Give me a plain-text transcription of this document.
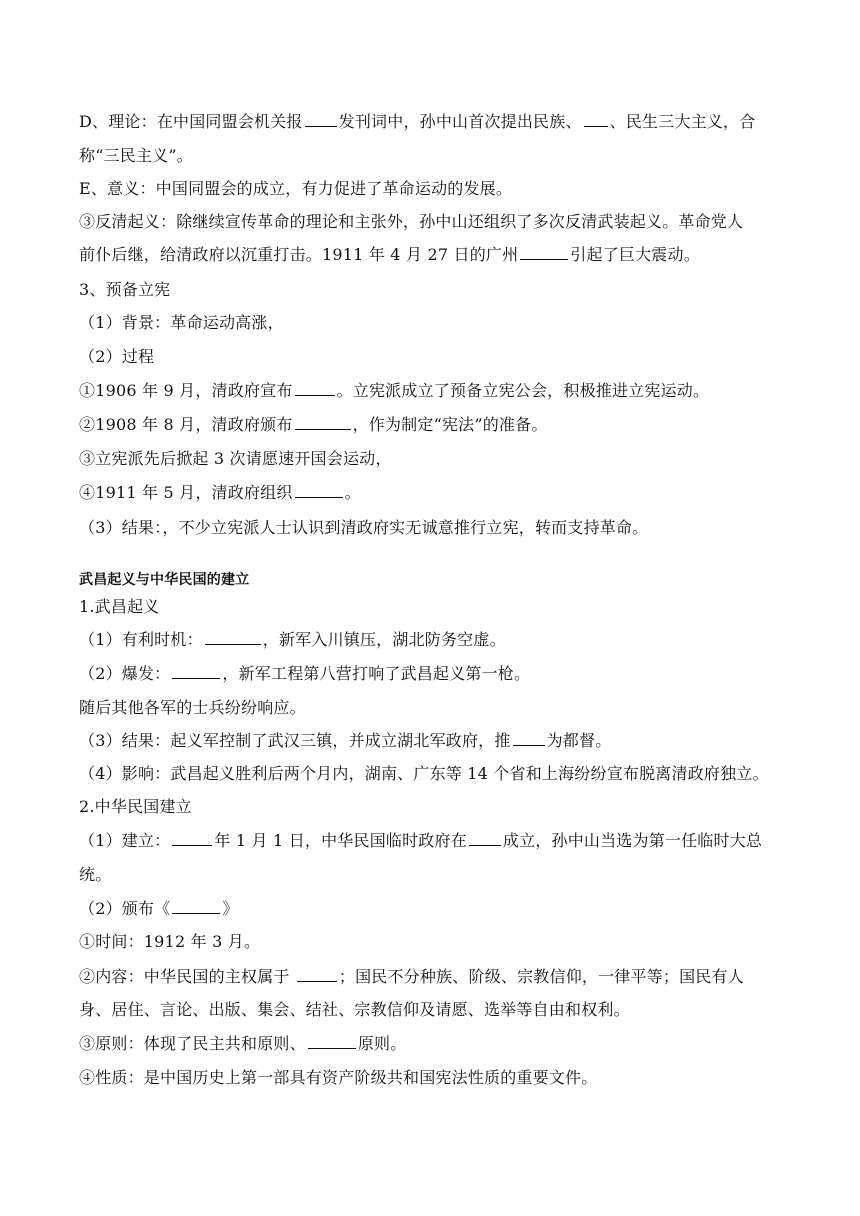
D、理论：在中国同盟会机关报 发刊词中，孙中山首次提出民族、 、民生三大主义，合
称“三民主义”。
E、意义：中国同盟会的成立，有力促进了革命运动的发展。
③反清起义：除继续宣传革命的理论和主张外，孙中山还组织了多次反清武装起义。革命党人
前仆后继，给清政府以沉重打击。1911 年 4 月 27 日的广州	引起了巨大震动。
3、预备立宪
（1）背景：革命运动高涨，
（2）过程
①1906 年 9 月，清政府宣布	。立宪派成立了预备立宪公会，积极推进立宪运动。
②1908 年 8 月，清政府颁布	，作为制定“宪法”的准备。
③立宪派先后掀起 3 次请愿速开国会运动，
④1911 年 5 月，清政府组织	。
（3）结果：，不少立宪派人士认识到清政府实无诚意推行立宪，转而支持革命。
武昌起义与中华民国的建立
1.武昌起义
（1）有利时机：	，新军入川镇压，湖北防务空虚。
（2）爆发：	，新军工程第八营打响了武昌起义第一枪。
随后其他各军的士兵纷纷响应。
（3）结果：起义军控制了武汉三镇，并成立湖北军政府，推 为都督。
（4）影响：武昌起义胜利后两个月内，湖南、广东等 14 个省和上海纷纷宣布脱离清政府独立。
2.中华民国建立
（1）建立：	年 1 月 1 日，中华民国临时政府在 成立，孙中山当选为第一任临时大总
统。
（2）颁布《	》
①时间：1912 年 3 月。
②内容：中华民国的主权属于	；国民不分种族、阶级、宗教信仰，一律平等；国民有人
身、居住、言论、出版、集会、结社、宗教信仰及请愿、选举等自由和权利。
③原则：体现了民主共和原则、	原则。
④性质：是中国历史上第一部具有资产阶级共和国宪法性质的重要文件。
